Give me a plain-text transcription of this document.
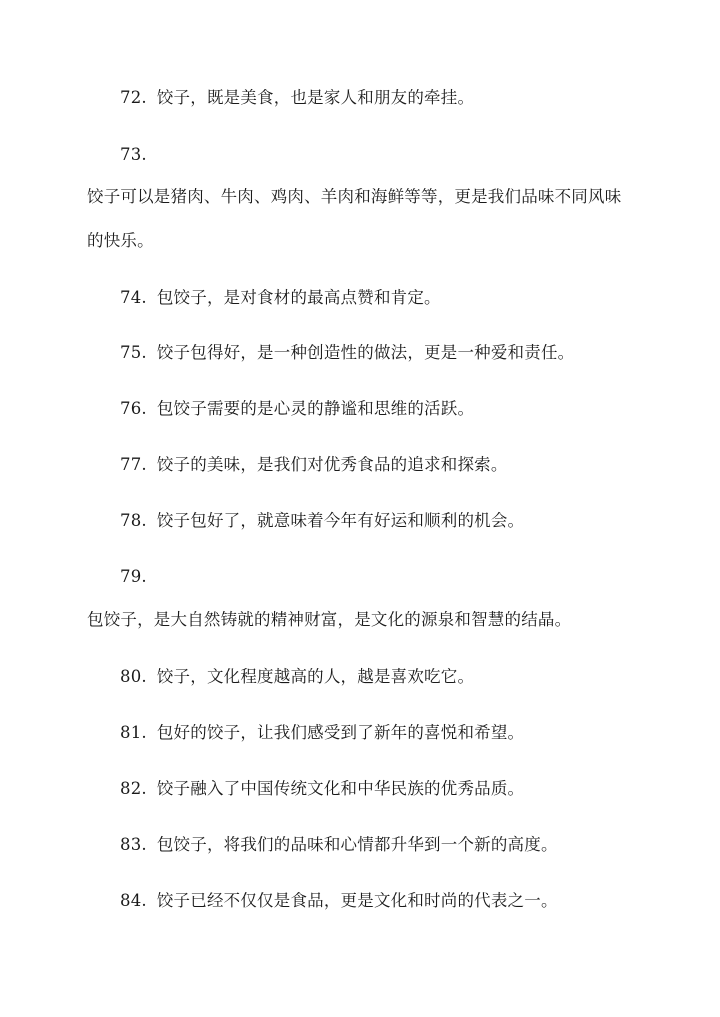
72. 饺子，既是美食，也是家人和朋友的牵挂。
73.
饺子可以是猪肉、牛肉、鸡肉、羊肉和海鲜等等，更是我们品味不同风味
的快乐。
74. 包饺子，是对食材的最高点赞和肯定。
75. 饺子包得好，是一种创造性的做法，更是一种爱和责任。
76. 包饺子需要的是心灵的静谧和思维的活跃。
77. 饺子的美味，是我们对优秀食品的追求和探索。
78. 饺子包好了，就意味着今年有好运和顺利的机会。
79.
包饺子，是大自然铸就的精神财富，是文化的源泉和智慧的结晶。
80. 饺子，文化程度越高的人，越是喜欢吃它。
81. 包好的饺子，让我们感受到了新年的喜悦和希望。
82. 饺子融入了中国传统文化和中华民族的优秀品质。
83. 包饺子，将我们的品味和心情都升华到一个新的高度。
84. 饺子已经不仅仅是食品，更是文化和时尚的代表之一。
